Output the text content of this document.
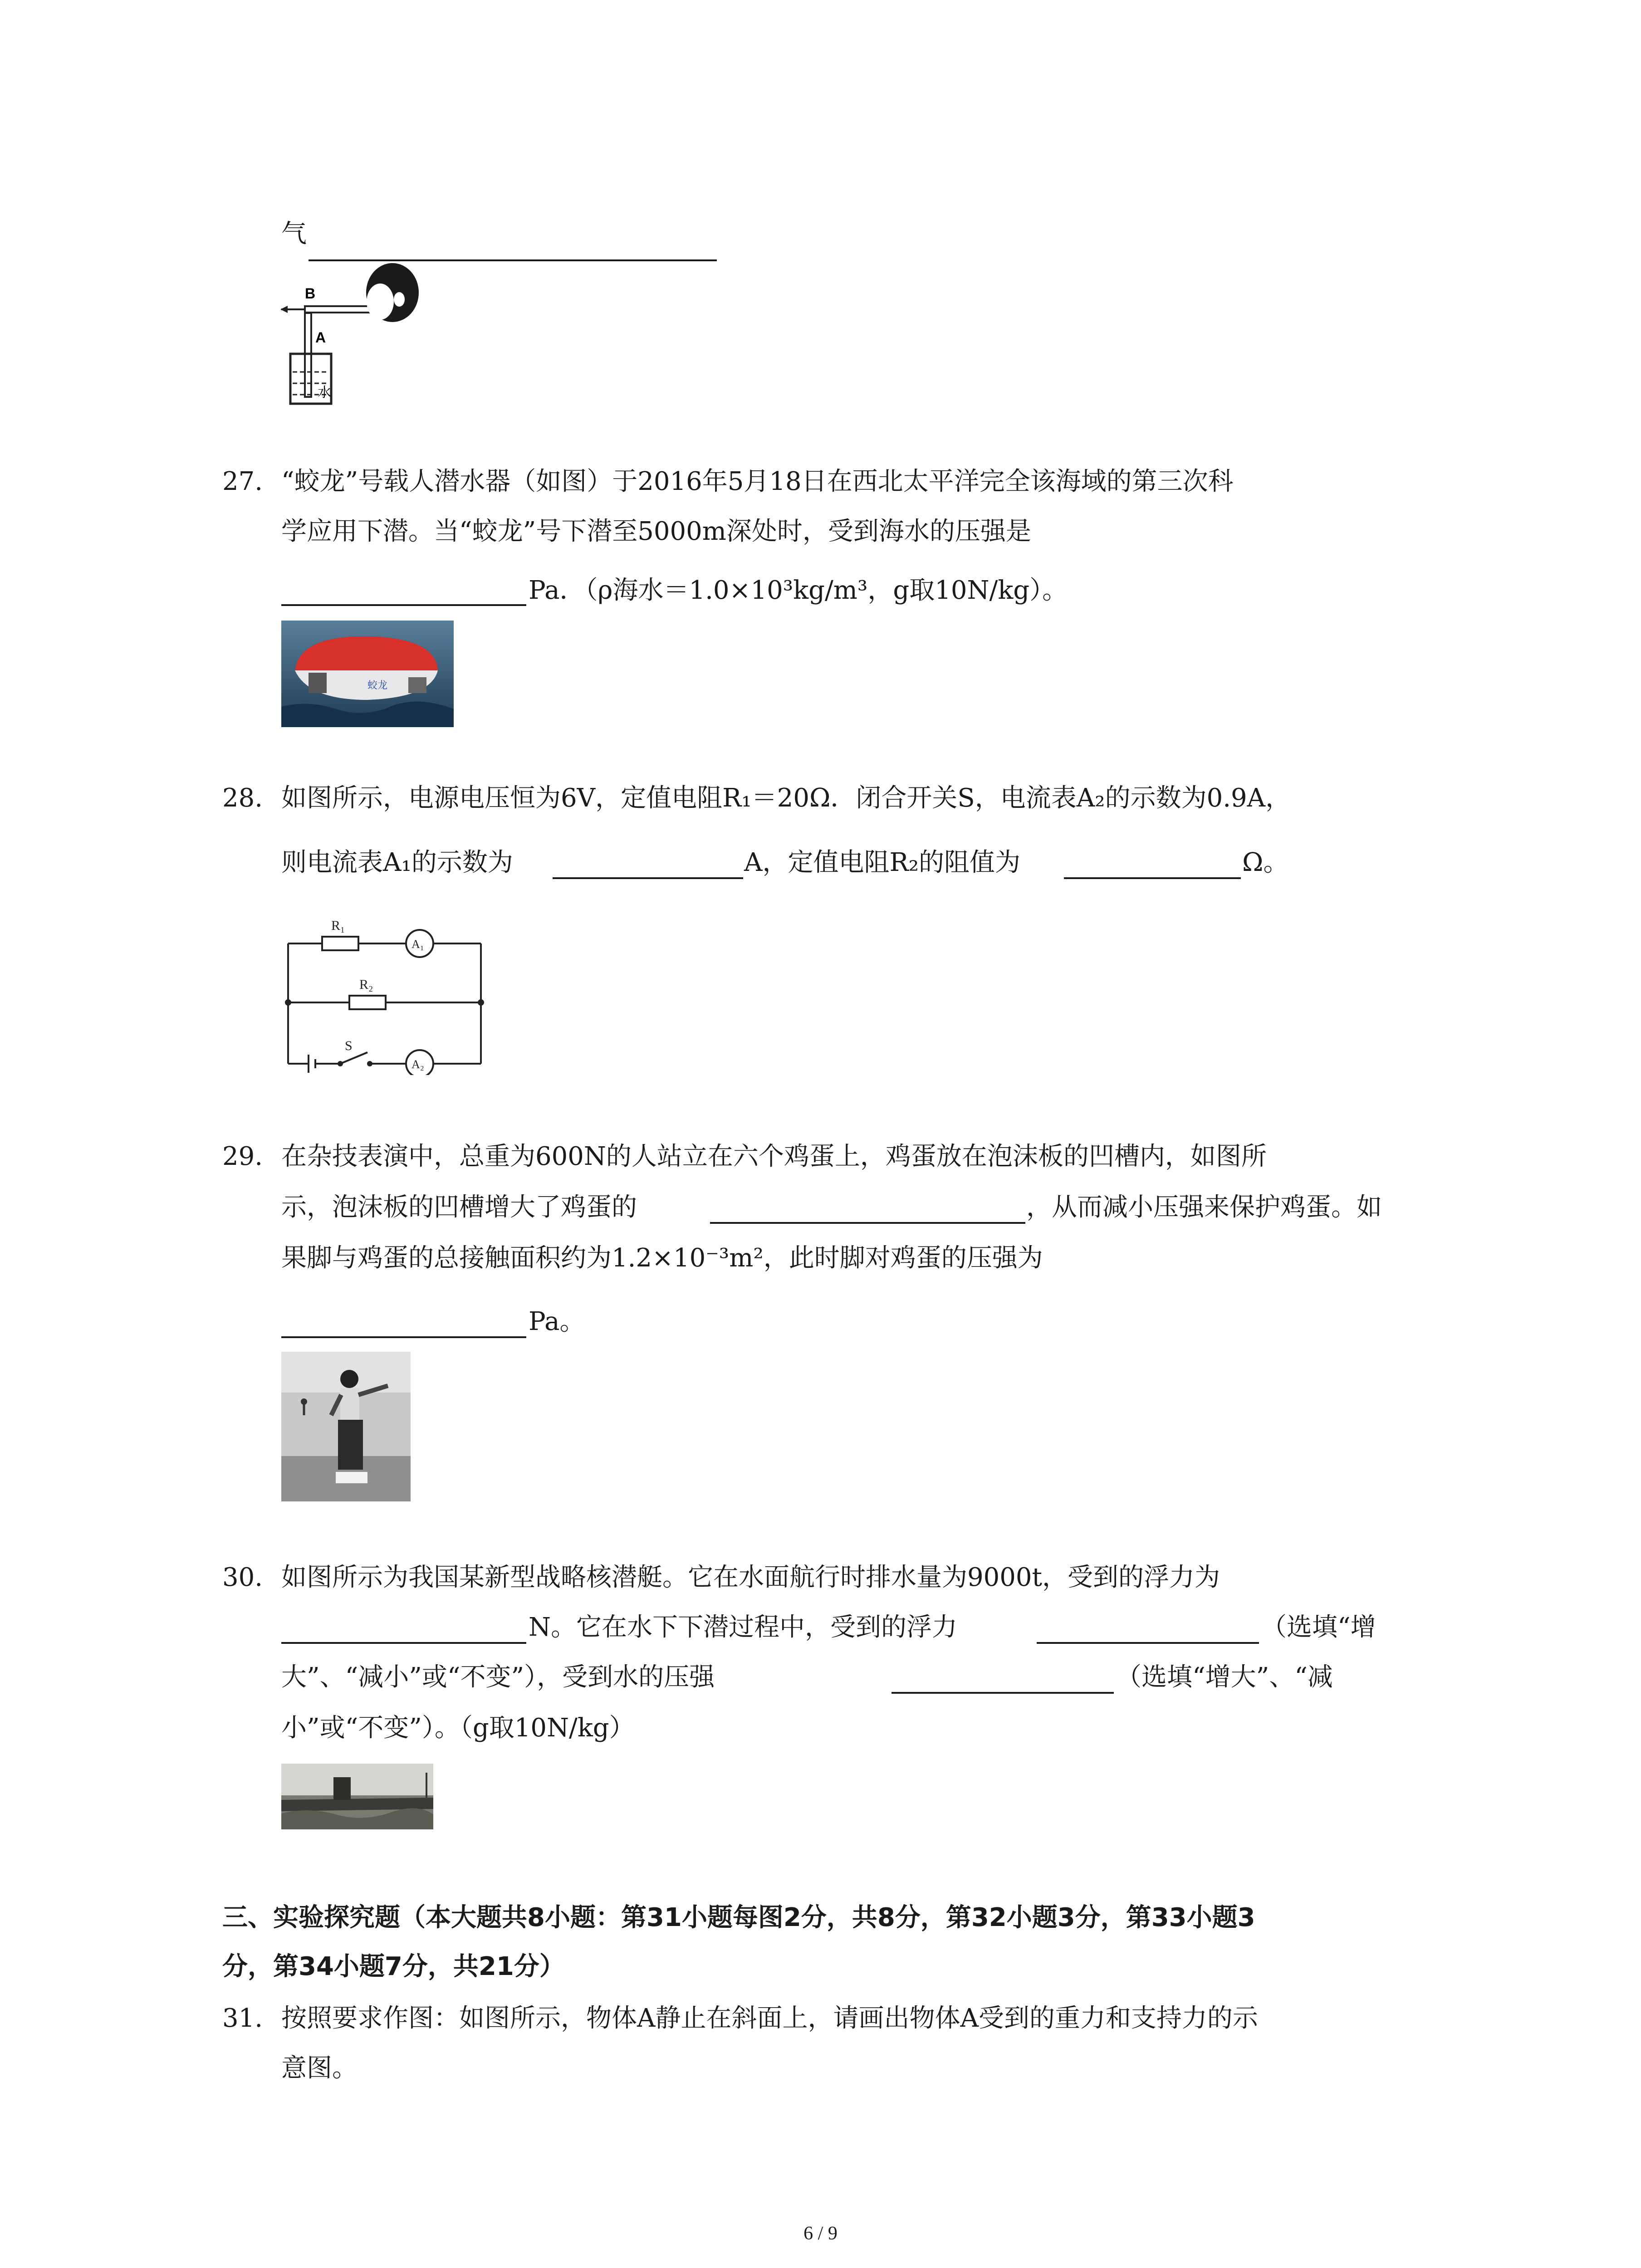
气
B
A
水
27. “蛟龙”号载人潜水器（如图）于2016年5月18日在西北太平洋完全该海域的第三次科
学应用下潜。当“蛟龙”号下潜至5000m深处时，受到海水的压强是
Pa．（ρ海水＝1.0×10³kg/m³，g取10N/kg）。
蛟龙
28. 如图所示，电源电压恒为6V，定值电阻R₁＝20Ω．闭合开关S，电流表A₂的示数为0.9A，
则电流表A₁的示数为	A，定值电阻R₂的阻值为	Ω。
R₁
R₂
S
A₁
A₂
29. 在杂技表演中，总重为600N的人站立在六个鸡蛋上，鸡蛋放在泡沫板的凹槽内，如图所
示，泡沫板的凹槽增大了鸡蛋的	，从而减小压强来保护鸡蛋。如
果脚与鸡蛋的总接触面积约为1.2×10⁻³m²，此时脚对鸡蛋的压强为
Pa。
30. 如图所示为我国某新型战略核潜艇。它在水面航行时排水量为9000t，受到的浮力为
N。它在水下下潜过程中，受到的浮力	（选填“增
大”、“减小”或“不变”），受到水的压强	（选填“增大”、“减
小”或“不变”）。（g取10N/kg）
三、实验探究题（本大题共8小题：第31小题每图2分，共8分，第32小题3分，第33小题3
分，第34小题7分，共21分）
31. 按照要求作图：如图所示，物体A静止在斜面上，请画出物体A受到的重力和支持力的示
意图。
6 / 9
